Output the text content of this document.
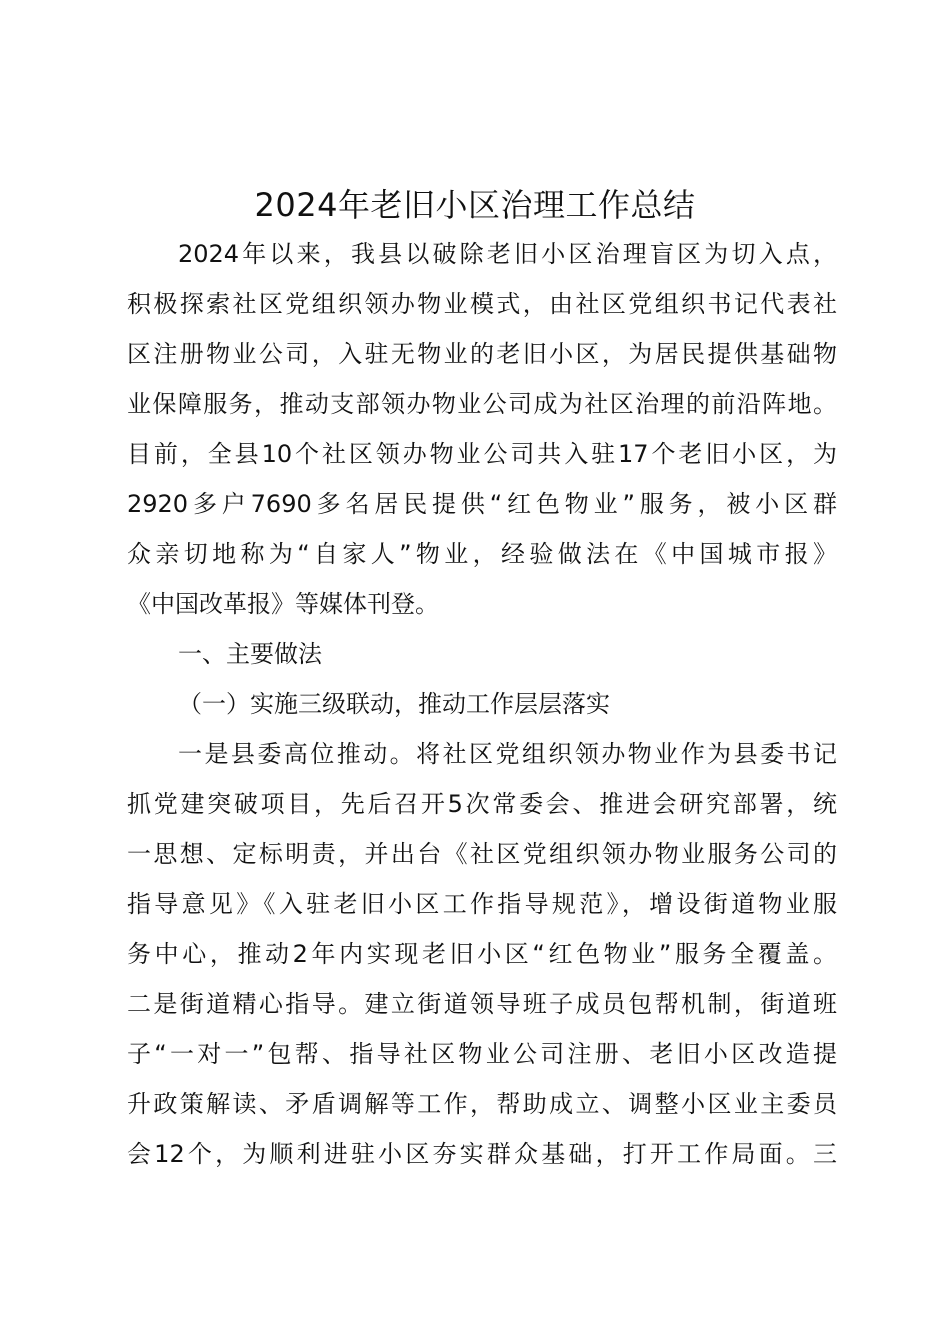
2024年老旧小区治理工作总结
2024年以来，我县以破除老旧小区治理盲区为切入点，
积极探索社区党组织领办物业模式，由社区党组织书记代表社
区注册物业公司，入驻无物业的老旧小区，为居民提供基础物
业保障服务，推动支部领办物业公司成为社区治理的前沿阵地。
目前，全县10个社区领办物业公司共入驻17个老旧小区，为
2920多户7690多名居民提供“红色物业”服务，被小区群
众亲切地称为“自家人”物业，经验做法在《中国城市报》
《中国改革报》等媒体刊登。
一、主要做法
（一）实施三级联动，推动工作层层落实
一是县委高位推动。将社区党组织领办物业作为县委书记
抓党建突破项目，先后召开5次常委会、推进会研究部署，统
一思想、定标明责，并出台《社区党组织领办物业服务公司的
指导意见》《入驻老旧小区工作指导规范》，增设街道物业服
务中心，推动2年内实现老旧小区“红色物业”服务全覆盖。
二是街道精心指导。建立街道领导班子成员包帮机制，街道班
子“一对一”包帮、指导社区物业公司注册、老旧小区改造提
升政策解读、矛盾调解等工作，帮助成立、调整小区业主委员
会12个，为顺利进驻小区夯实群众基础，打开工作局面。三
